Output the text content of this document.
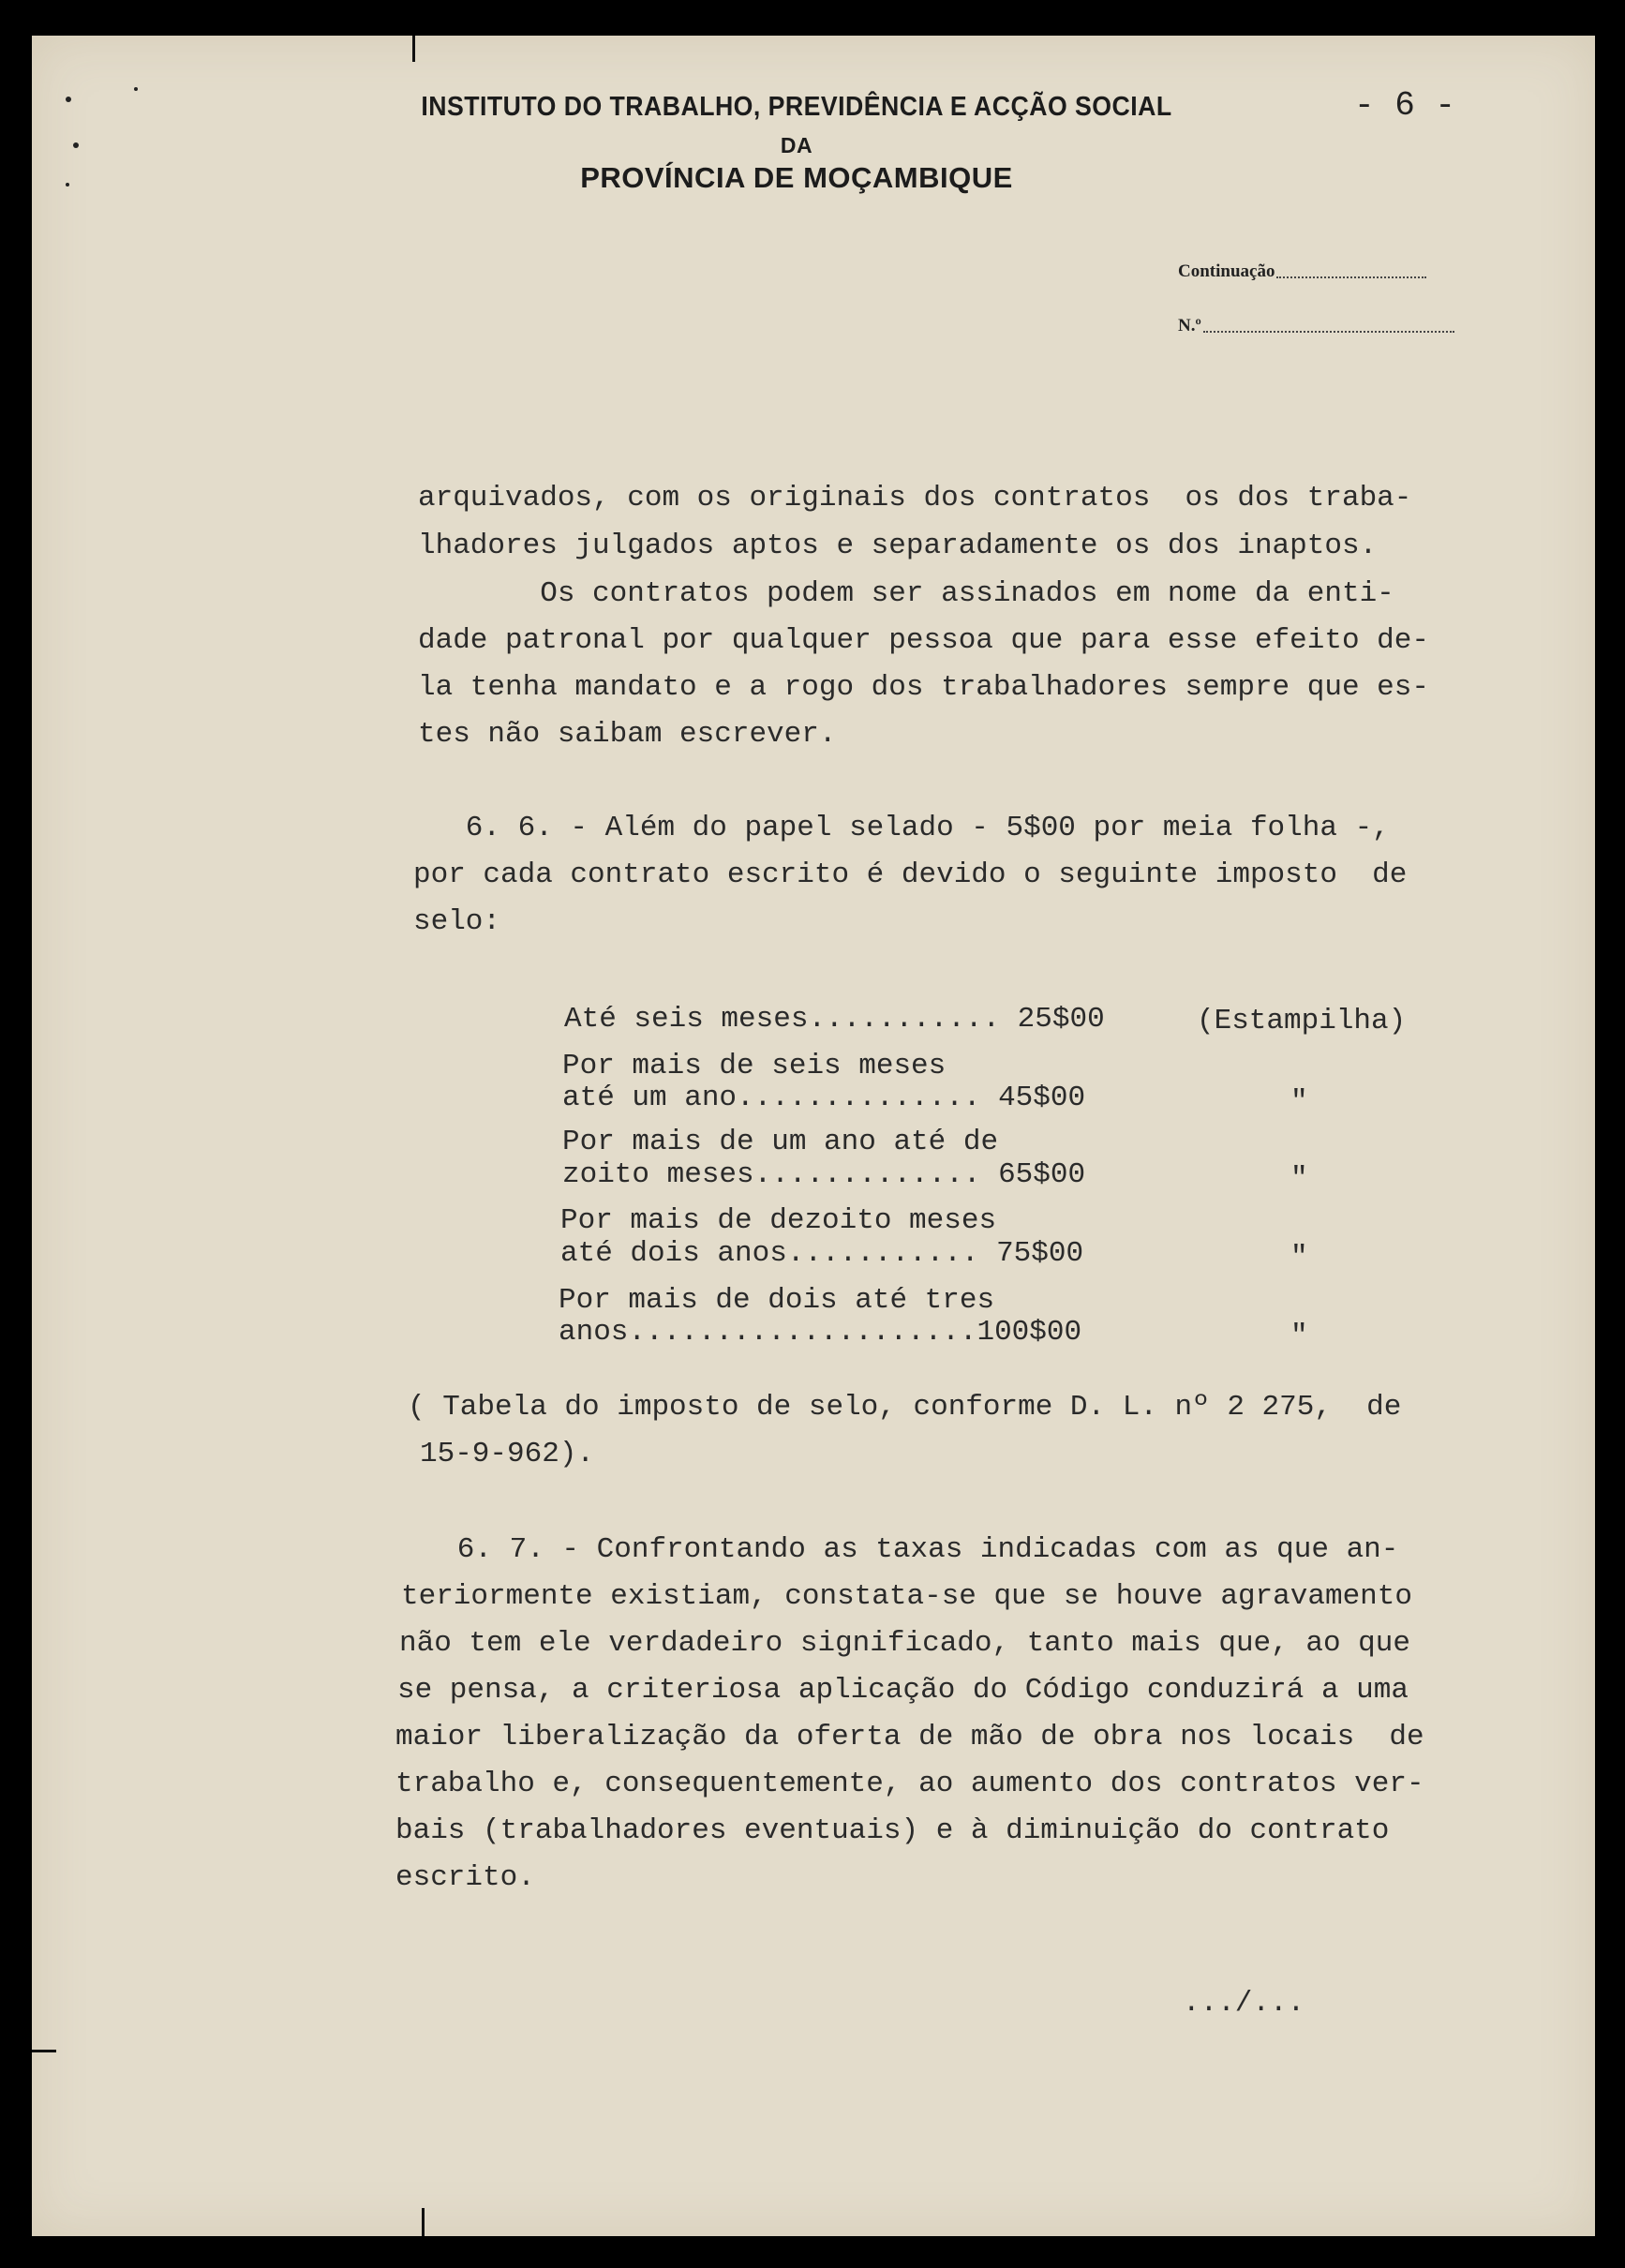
INSTITUTO DO TRABALHO, PREVIDÊNCIA E ACÇÃO SOCIAL
DA
PROVÍNCIA DE MOÇAMBIQUE
- 6 -
Continuação
N.º
arquivados, com os originais dos contratos  os dos traba-
lhadores julgados aptos e separadamente os dos inaptos.
Os contratos podem ser assinados em nome da enti-
dade patronal por qualquer pessoa que para esse efeito de-
la tenha mandato e a rogo dos trabalhadores sempre que es-
tes não saibam escrever.
6. 6. - Além do papel selado - 5$00 por meia folha -,
por cada contrato escrito é devido o seguinte imposto  de
selo:
Até seis meses........... 25$00	(Estampilha)
Por mais de seis meses
até um ano.............. 45$00	"
Por mais de um ano até de
zoito meses............. 65$00	"
Por mais de dezoito meses
até dois anos........... 75$00	"
Por mais de dois até tres
anos....................100$00	"
( Tabela do imposto de selo, conforme D. L. nº 2 275,  de
15-9-962).
6. 7. - Confrontando as taxas indicadas com as que an-
teriormente existiam, constata-se que se houve agravamento
não tem ele verdadeiro significado, tanto mais que, ao que
se pensa, a criteriosa aplicação do Código conduzirá a uma
maior liberalização da oferta de mão de obra nos locais  de
trabalho e, consequentemente, ao aumento dos contratos ver-
bais (trabalhadores eventuais) e à diminuição do contrato
escrito.
.../...
